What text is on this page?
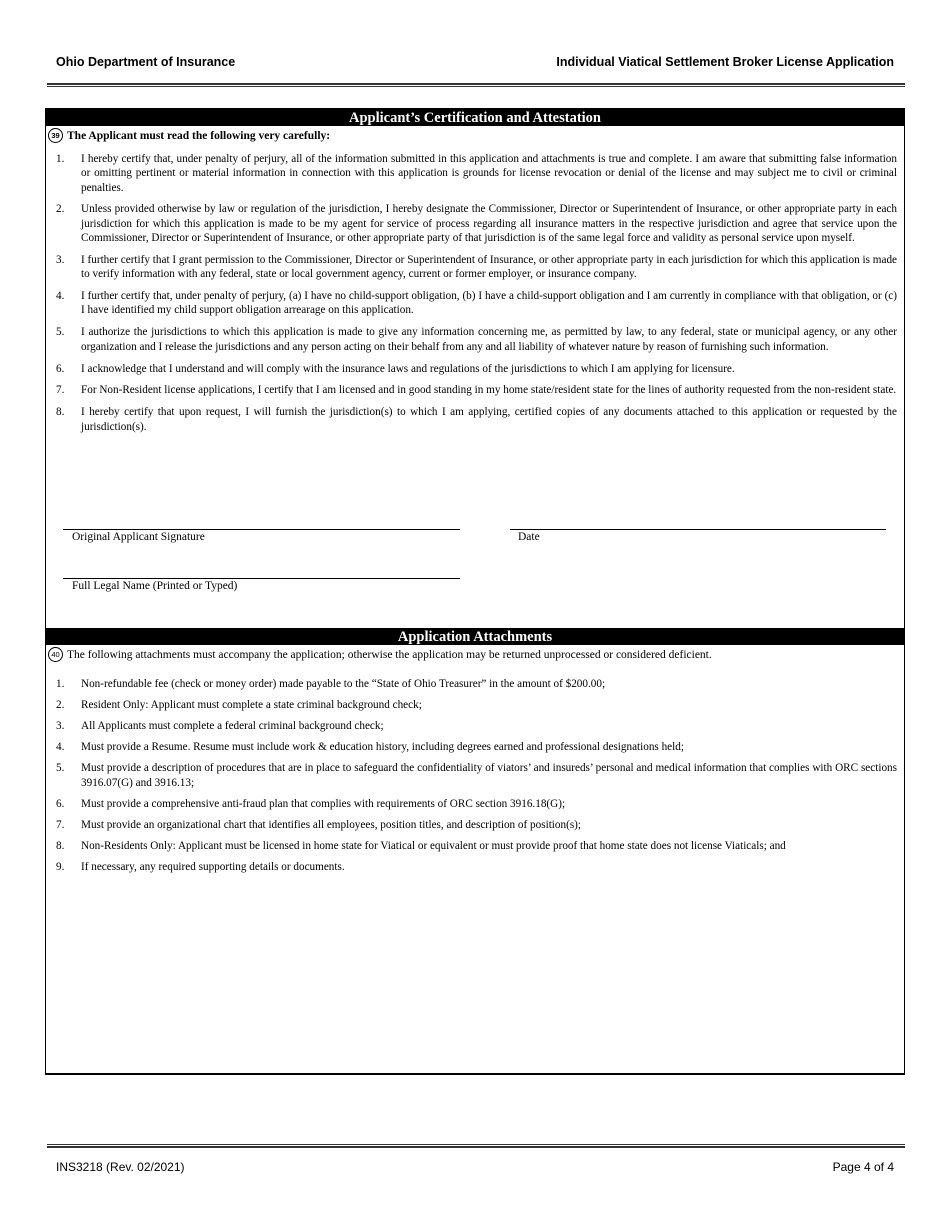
Ohio Department of Insurance	Individual Viatical Settlement Broker License Application
Applicant’s Certification and Attestation
39 The Applicant must read the following very carefully:
1. I hereby certify that, under penalty of perjury, all of the information submitted in this application and attachments is true and complete. I am aware that submitting false information or omitting pertinent or material information in connection with this application is grounds for license revocation or denial of the license and may subject me to civil or criminal penalties.
2. Unless provided otherwise by law or regulation of the jurisdiction, I hereby designate the Commissioner, Director or Superintendent of Insurance, or other appropriate party in each jurisdiction for which this application is made to be my agent for service of process regarding all insurance matters in the respective jurisdiction and agree that service upon the Commissioner, Director or Superintendent of Insurance, or other appropriate party of that jurisdiction is of the same legal force and validity as personal service upon myself.
3. I further certify that I grant permission to the Commissioner, Director or Superintendent of Insurance, or other appropriate party in each jurisdiction for which this application is made to verify information with any federal, state or local government agency, current or former employer, or insurance company.
4. I further certify that, under penalty of perjury, (a) I have no child-support obligation, (b) I have a child-support obligation and I am currently in compliance with that obligation, or (c) I have identified my child support obligation arrearage on this application.
5. I authorize the jurisdictions to which this application is made to give any information concerning me, as permitted by law, to any federal, state or municipal agency, or any other organization and I release the jurisdictions and any person acting on their behalf from any and all liability of whatever nature by reason of furnishing such information.
6. I acknowledge that I understand and will comply with the insurance laws and regulations of the jurisdictions to which I am applying for licensure.
7. For Non-Resident license applications, I certify that I am licensed and in good standing in my home state/resident state for the lines of authority requested from the non-resident state.
8. I hereby certify that upon request, I will furnish the jurisdiction(s) to which I am applying, certified copies of any documents attached to this application or requested by the jurisdiction(s).
Original Applicant Signature	Date
Full Legal Name (Printed or Typed)
Application Attachments
40 The following attachments must accompany the application; otherwise the application may be returned unprocessed or considered deficient.
1. Non-refundable fee (check or money order) made payable to the “State of Ohio Treasurer” in the amount of $200.00;
2. Resident Only: Applicant must complete a state criminal background check;
3. All Applicants must complete a federal criminal background check;
4. Must provide a Resume. Resume must include work & education history, including degrees earned and professional designations held;
5. Must provide a description of procedures that are in place to safeguard the confidentiality of viators’ and insureds’ personal and medical information that complies with ORC sections 3916.07(G) and 3916.13;
6. Must provide a comprehensive anti-fraud plan that complies with requirements of ORC section 3916.18(G);
7. Must provide an organizational chart that identifies all employees, position titles, and description of position(s);
8. Non-Residents Only: Applicant must be licensed in home state for Viatical or equivalent or must provide proof that home state does not license Viaticals; and
9. If necessary, any required supporting details or documents.
INS3218 (Rev. 02/2021)	Page 4 of 4
